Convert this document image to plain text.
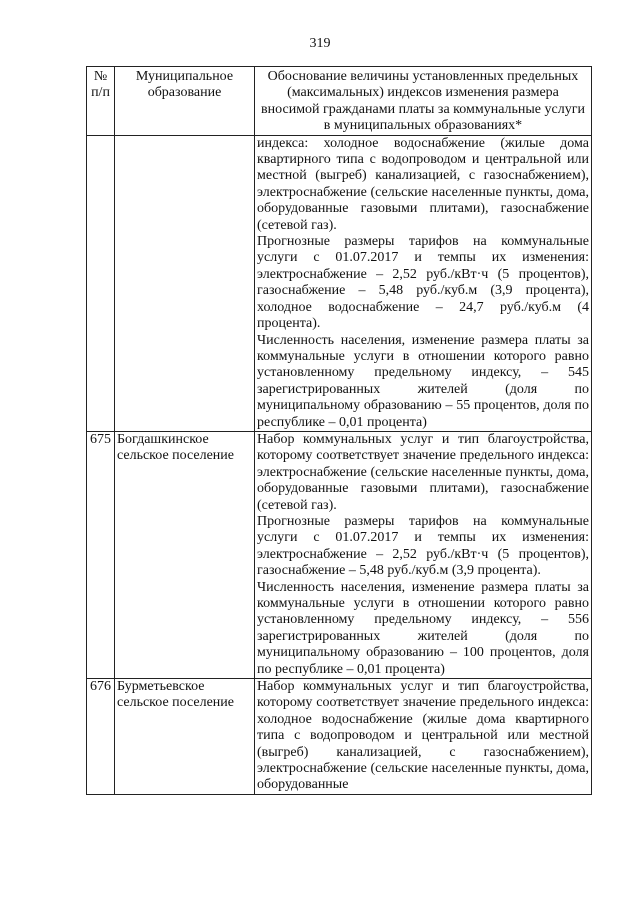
319
№ п/п	Муниципальное образование	Обоснование величины установленных предельных (максимальных) индексов изменения размера вносимой гражданами платы за коммунальные услуги в муниципальных образованиях*

		индекса: холодное водоснабжение (жилые дома квартирного типа с водопроводом и центральной или местной (выгреб) канализацией, с газоснабжением), электроснабжение (сельские населенные пункты, дома, оборудованные газовыми плитами), газоснабжение (сетевой газ).

Прогнозные размеры тарифов на коммунальные услуги с 01.07.2017 и темпы их изменения: электроснабжение – 2,52 руб./кВт·ч (5 процентов), газоснабжение – 5,48 руб./куб.м (3,9 процента), холодное водоснабжение – 24,7 руб./куб.м (4 процента).

Численность населения, изменение размера платы за коммунальные услуги в отношении которого равно установленному предельному индексу, – 545 зарегистрированных жителей (доля по муниципальному образованию – 55 процентов, доля по республике – 0,01 процента)

675	Богдашкинское сельское поселение	Набор коммунальных услуг и тип благоустройства, которому соответствует значение предельного индекса: электроснабжение (сельские населенные пункты, дома, оборудованные газовыми плитами), газоснабжение (сетевой газ).

Прогнозные размеры тарифов на коммунальные услуги с 01.07.2017 и темпы их изменения: электроснабжение – 2,52 руб./кВт·ч (5 процентов), газоснабжение – 5,48 руб./куб.м (3,9 процента).

Численность населения, изменение размера платы за коммунальные услуги в отношении которого равно установленному предельному индексу, – 556 зарегистрированных жителей (доля по муниципальному образованию – 100 процентов, доля по республике – 0,01 процента)

676	Бурметьевское сельское поселение	Набор коммунальных услуг и тип благоустройства, которому соответствует значение предельного индекса: холодное водоснабжение (жилые дома квартирного типа с водопроводом и центральной или местной (выгреб) канализацией, с газоснабжением), электроснабжение (сельские населенные пункты, дома, оборудованные
